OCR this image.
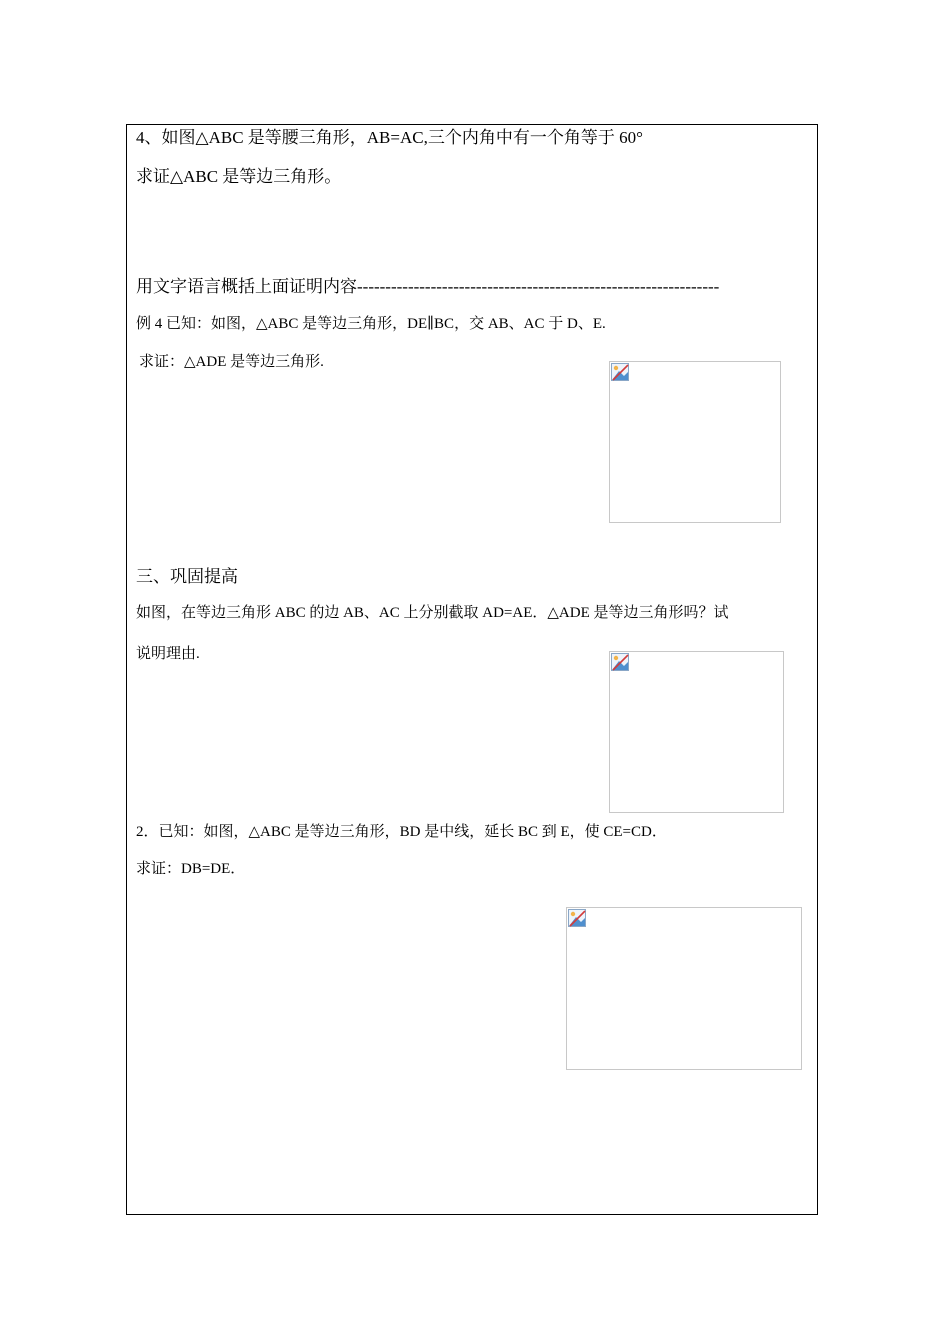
4、如图△ABC 是等腰三角形，AB=AC,三个内角中有一个角等于 60°
求证△ABC 是等边三角形。
用文字语言概括上面证明内容----------------------------------------------------------------
例 4 已知：如图，△ABC 是等边三角形，DE∥BC，交 AB、AC 于 D、E.
求证：△ADE 是等边三角形.
三、巩固提高
如图，在等边三角形 ABC 的边 AB、AC 上分别截取 AD=AE．△ADE 是等边三角形吗？试
说明理由.
2．已知：如图，△ABC 是等边三角形，BD 是中线，延长 BC 到 E，使 CE=CD．
求证：DB=DE．
